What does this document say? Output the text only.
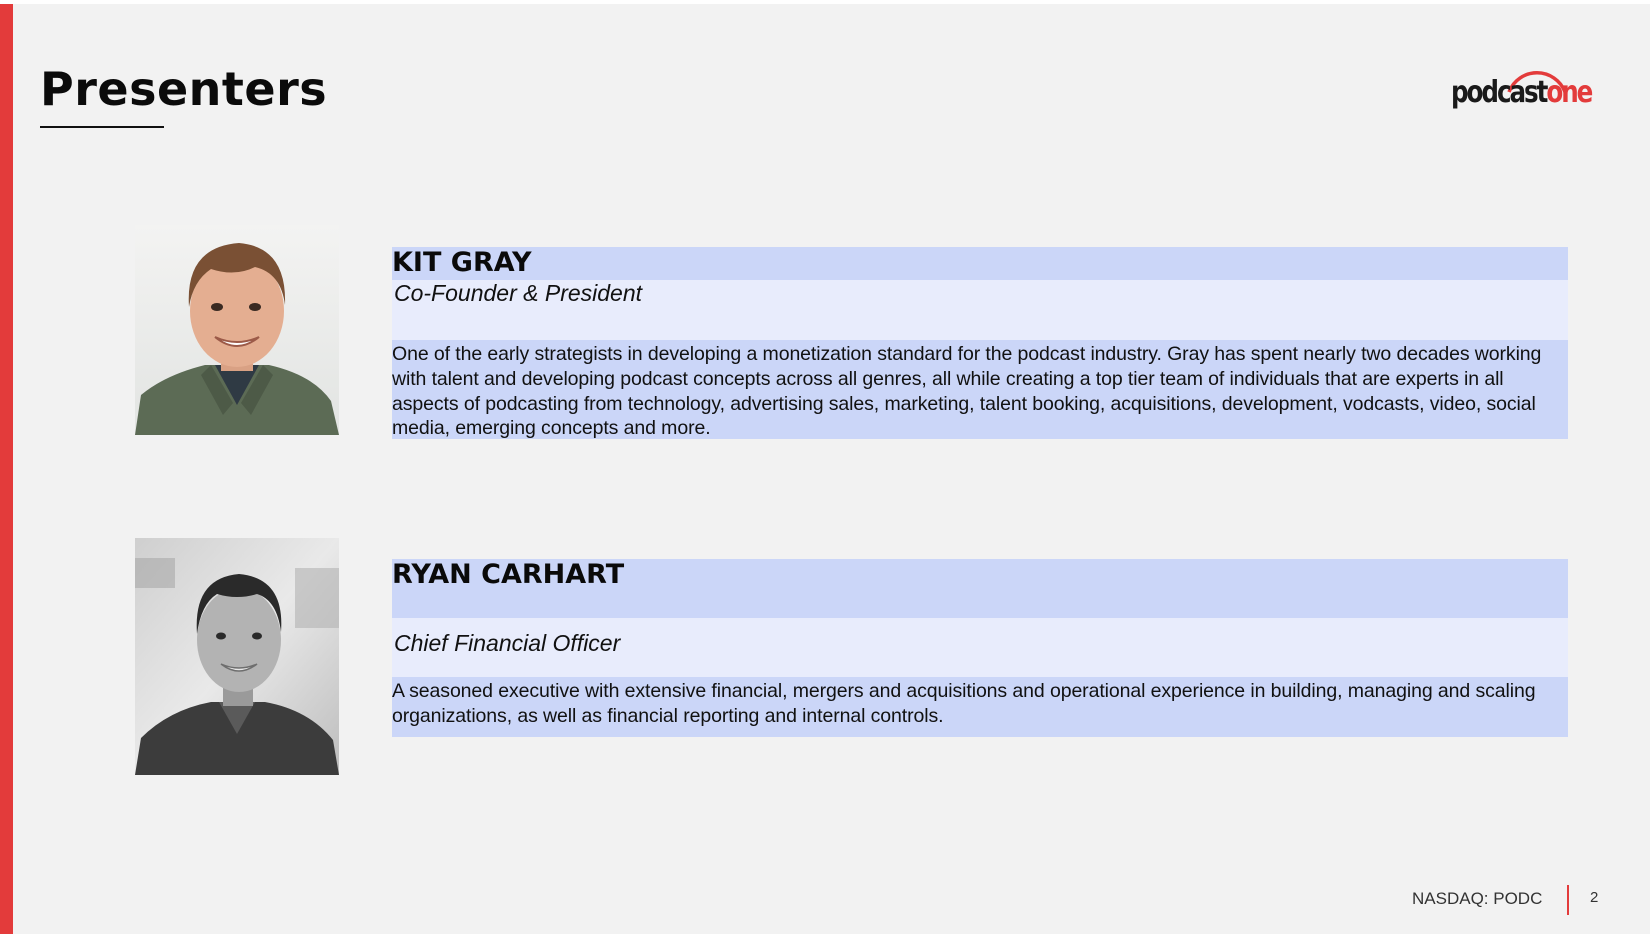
Presenters	podcastone
KIT GRAY
Co-Founder & President
One of the early strategists in developing a monetization standard for the podcast industry. Gray has spent nearly two decades working with talent and developing podcast concepts across all genres, all while creating a top tier team of individuals that are experts in all aspects of podcasting from technology, advertising sales, marketing, talent booking, acquisitions, development, vodcasts, video, social media, emerging concepts and more.
RYAN CARHART
Chief Financial Officer
A seasoned executive with extensive financial, mergers and acquisitions and operational experience in building, managing and scaling organizations, as well as financial reporting and internal controls.
NASDAQ: PODC	2
